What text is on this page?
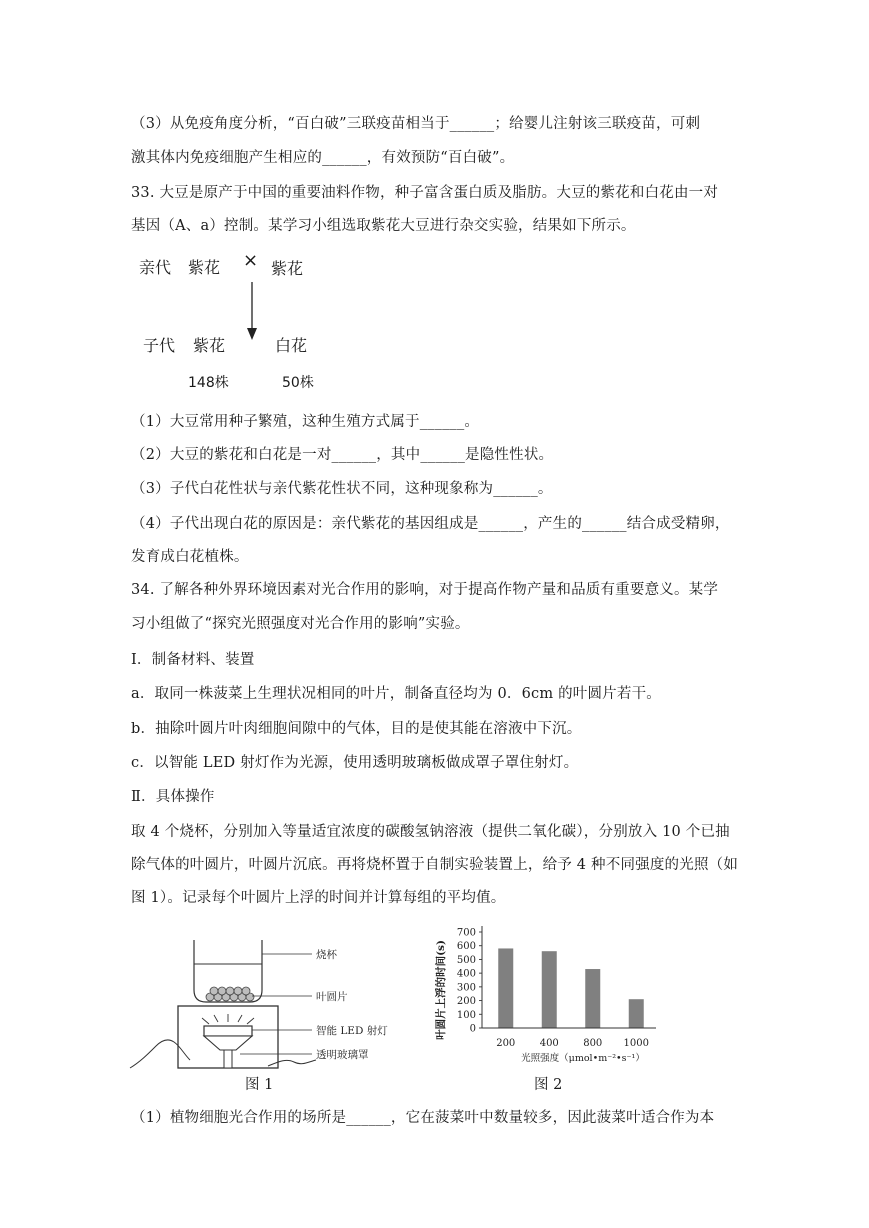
（3）从免疫角度分析，“百白破”三联疫苗相当于______；给婴儿注射该三联疫苗，可刺
激其体内免疫细胞产生相应的______，有效预防“百白破”。
33. 大豆是原产于中国的重要油料作物，种子富含蛋白质及脂肪。大豆的紫花和白花由一对
基因（A、a）控制。某学习小组选取紫花大豆进行杂交实验，结果如下所示。
亲代 紫花 × 紫花
子代 紫花	白花
148株	50株
（1）大豆常用种子繁殖，这种生殖方式属于______。
（2）大豆的紫花和白花是一对______，其中______是隐性性状。
（3）子代白花性状与亲代紫花性状不同，这种现象称为______。
（4）子代出现白花的原因是：亲代紫花的基因组成是______，产生的______结合成受精卵，
发育成白花植株。
34. 了解各种外界环境因素对光合作用的影响，对于提高作物产量和品质有重要意义。某学
习小组做了“探究光照强度对光合作用的影响”实验。
Ⅰ．制备材料、装置
a．取同一株菠菜上生理状况相同的叶片，制备直径均为 0．6cm 的叶圆片若干。
b．抽除叶圆片叶肉细胞间隙中的气体，目的是使其能在溶液中下沉。
c．以智能 LED 射灯作为光源，使用透明玻璃板做成罩子罩住射灯。
Ⅱ．具体操作
取 4 个烧杯，分别加入等量适宜浓度的碳酸氢钠溶液（提供二氧化碳），分别放入 10 个已抽
除气体的叶圆片，叶圆片沉底。再将烧杯置于自制实验装置上，给予 4 种不同强度的光照（如
图 1）。记录每个叶圆片上浮的时间并计算每组的平均值。
烧杯
叶圆片
智能 LED 射灯
透明玻璃罩
图 1
叶圆片上浮的时间(s) 0
100
200
300
400
500
600
700
200 400 800 1000
光照强度（μmol•m⁻²•s⁻¹）
图 2
（1）植物细胞光合作用的场所是______，它在菠菜叶中数量较多，因此菠菜叶适合作为本
